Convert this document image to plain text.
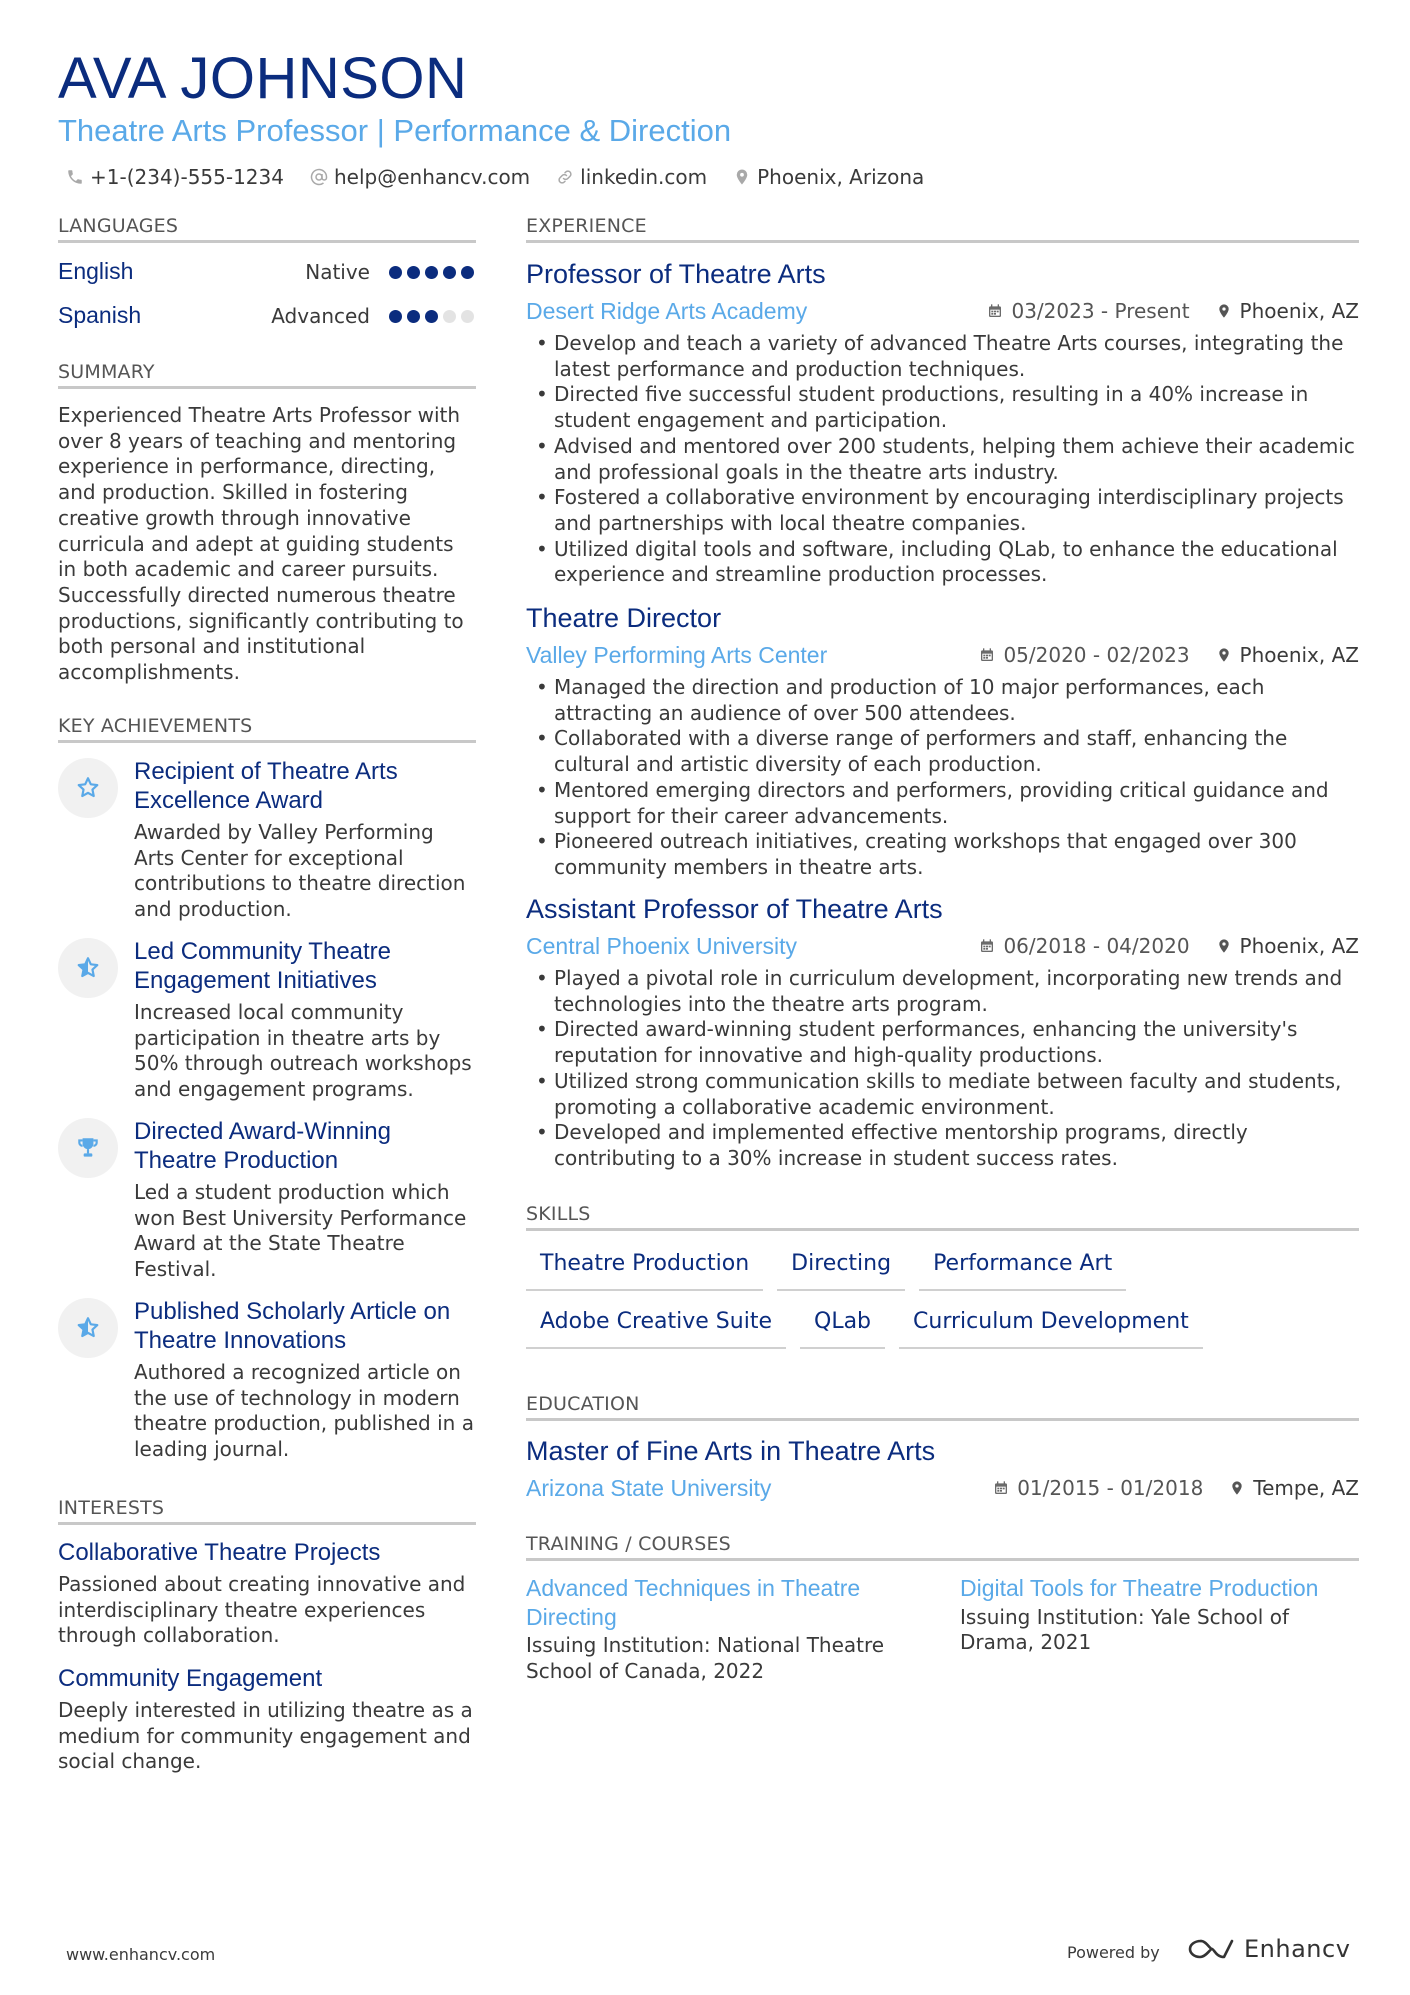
AVA JOHNSON
Theatre Arts Professor | Performance & Direction
+1-(234)-555-1234	help@enhancv.com	linkedin.com	Phoenix, Arizona
LANGUAGES
English	Native
Spanish	Advanced
SUMMARY
Experienced Theatre Arts Professor with over 8 years of teaching and mentoring experience in performance, directing, and production. Skilled in fostering creative growth through innovative curricula and adept at guiding students in both academic and career pursuits. Successfully directed numerous theatre productions, significantly contributing to both personal and institutional accomplishments.
KEY ACHIEVEMENTS
Recipient of Theatre Arts Excellence Award
Awarded by Valley Performing Arts Center for exceptional contributions to theatre direction and production.
Led Community Theatre Engagement Initiatives
Increased local community participation in theatre arts by 50% through outreach workshops and engagement programs.
Directed Award-Winning Theatre Production
Led a student production which won Best University Performance Award at the State Theatre Festival.
Published Scholarly Article on Theatre Innovations
Authored a recognized article on the use of technology in modern theatre production, published in a leading journal.
INTERESTS
Collaborative Theatre Projects
Passioned about creating innovative and interdisciplinary theatre experiences through collaboration.
Community Engagement
Deeply interested in utilizing theatre as a medium for community engagement and social change.
EXPERIENCE
Professor of Theatre Arts
Desert Ridge Arts Academy	03/2023 - Present	Phoenix, AZ
• Develop and teach a variety of advanced Theatre Arts courses, integrating the latest performance and production techniques.
• Directed five successful student productions, resulting in a 40% increase in student engagement and participation.
• Advised and mentored over 200 students, helping them achieve their academic and professional goals in the theatre arts industry.
• Fostered a collaborative environment by encouraging interdisciplinary projects and partnerships with local theatre companies.
• Utilized digital tools and software, including QLab, to enhance the educational experience and streamline production processes.
Theatre Director
Valley Performing Arts Center	05/2020 - 02/2023	Phoenix, AZ
• Managed the direction and production of 10 major performances, each attracting an audience of over 500 attendees.
• Collaborated with a diverse range of performers and staff, enhancing the cultural and artistic diversity of each production.
• Mentored emerging directors and performers, providing critical guidance and support for their career advancements.
• Pioneered outreach initiatives, creating workshops that engaged over 300 community members in theatre arts.
Assistant Professor of Theatre Arts
Central Phoenix University	06/2018 - 04/2020	Phoenix, AZ
• Played a pivotal role in curriculum development, incorporating new trends and technologies into the theatre arts program.
• Directed award-winning student performances, enhancing the university's reputation for innovative and high-quality productions.
• Utilized strong communication skills to mediate between faculty and students, promoting a collaborative academic environment.
• Developed and implemented effective mentorship programs, directly contributing to a 30% increase in student success rates.
SKILLS
Theatre Production	Directing	Performance Art
Adobe Creative Suite	QLab	Curriculum Development
EDUCATION
Master of Fine Arts in Theatre Arts
Arizona State University	01/2015 - 01/2018	Tempe, AZ
TRAINING / COURSES
Advanced Techniques in Theatre Directing
Issuing Institution: National Theatre School of Canada, 2022
Digital Tools for Theatre Production
Issuing Institution: Yale School of Drama, 2021
www.enhancv.com	Powered by	Enhancv
